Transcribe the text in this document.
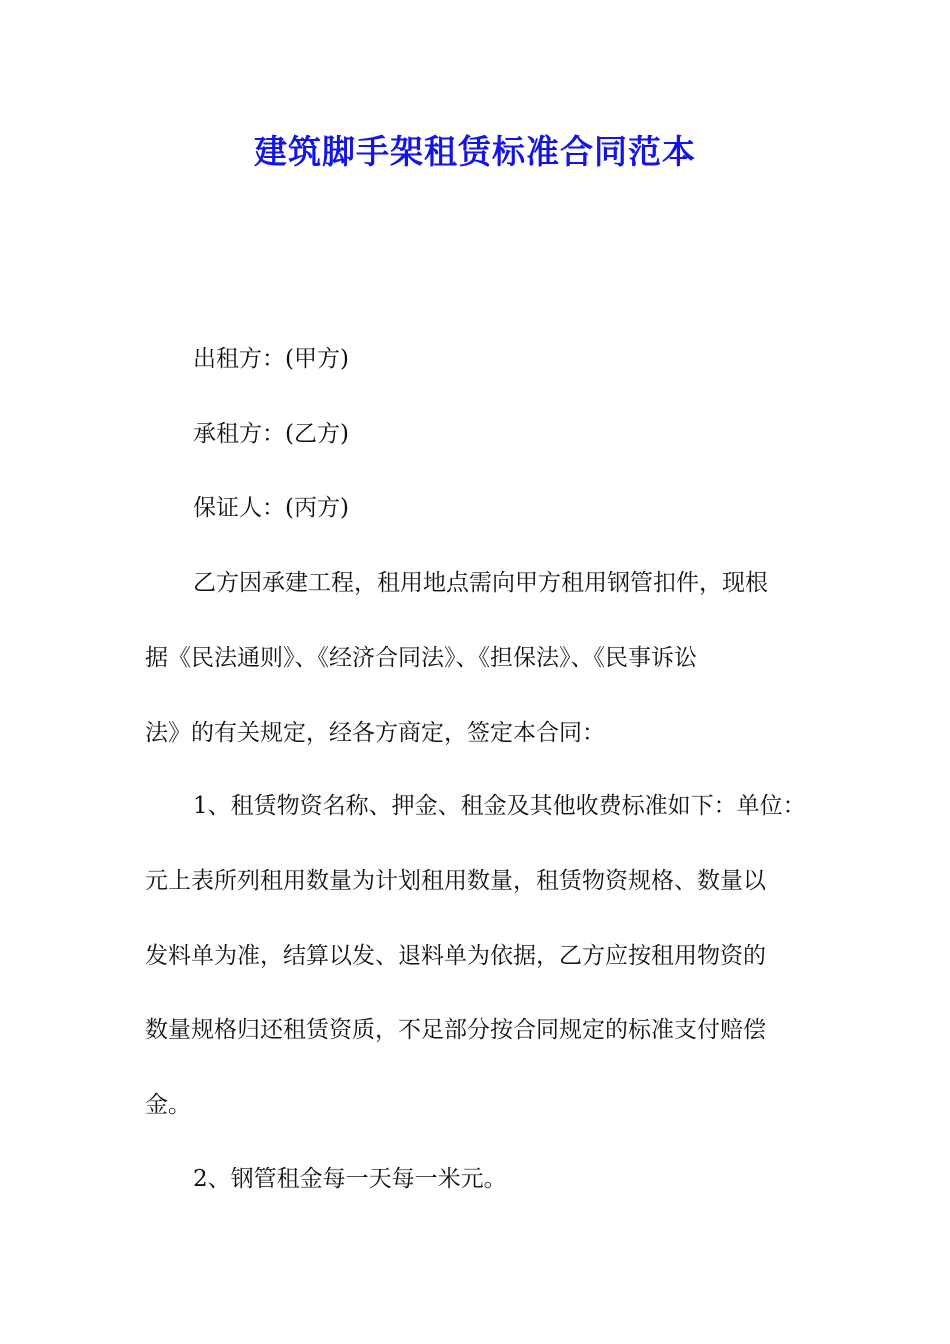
建筑脚手架租赁标准合同范本

出租方：(甲方)

承租方：(乙方)

保证人：(丙方)

乙方因承建工程，租用地点需向甲方租用钢管扣件，现根

据《民法通则》、《经济合同法》、《担保法》、《民事诉讼

法》的有关规定，经各方商定，签定本合同：

1、租赁物资名称、押金、租金及其他收费标准如下：单位：

元上表所列租用数量为计划租用数量，租赁物资规格、数量以

发料单为准，结算以发、退料单为依据，乙方应按租用物资的

数量规格归还租赁资质，不足部分按合同规定的标准支付赔偿

金。

2、钢管租金每一天每一米元。
